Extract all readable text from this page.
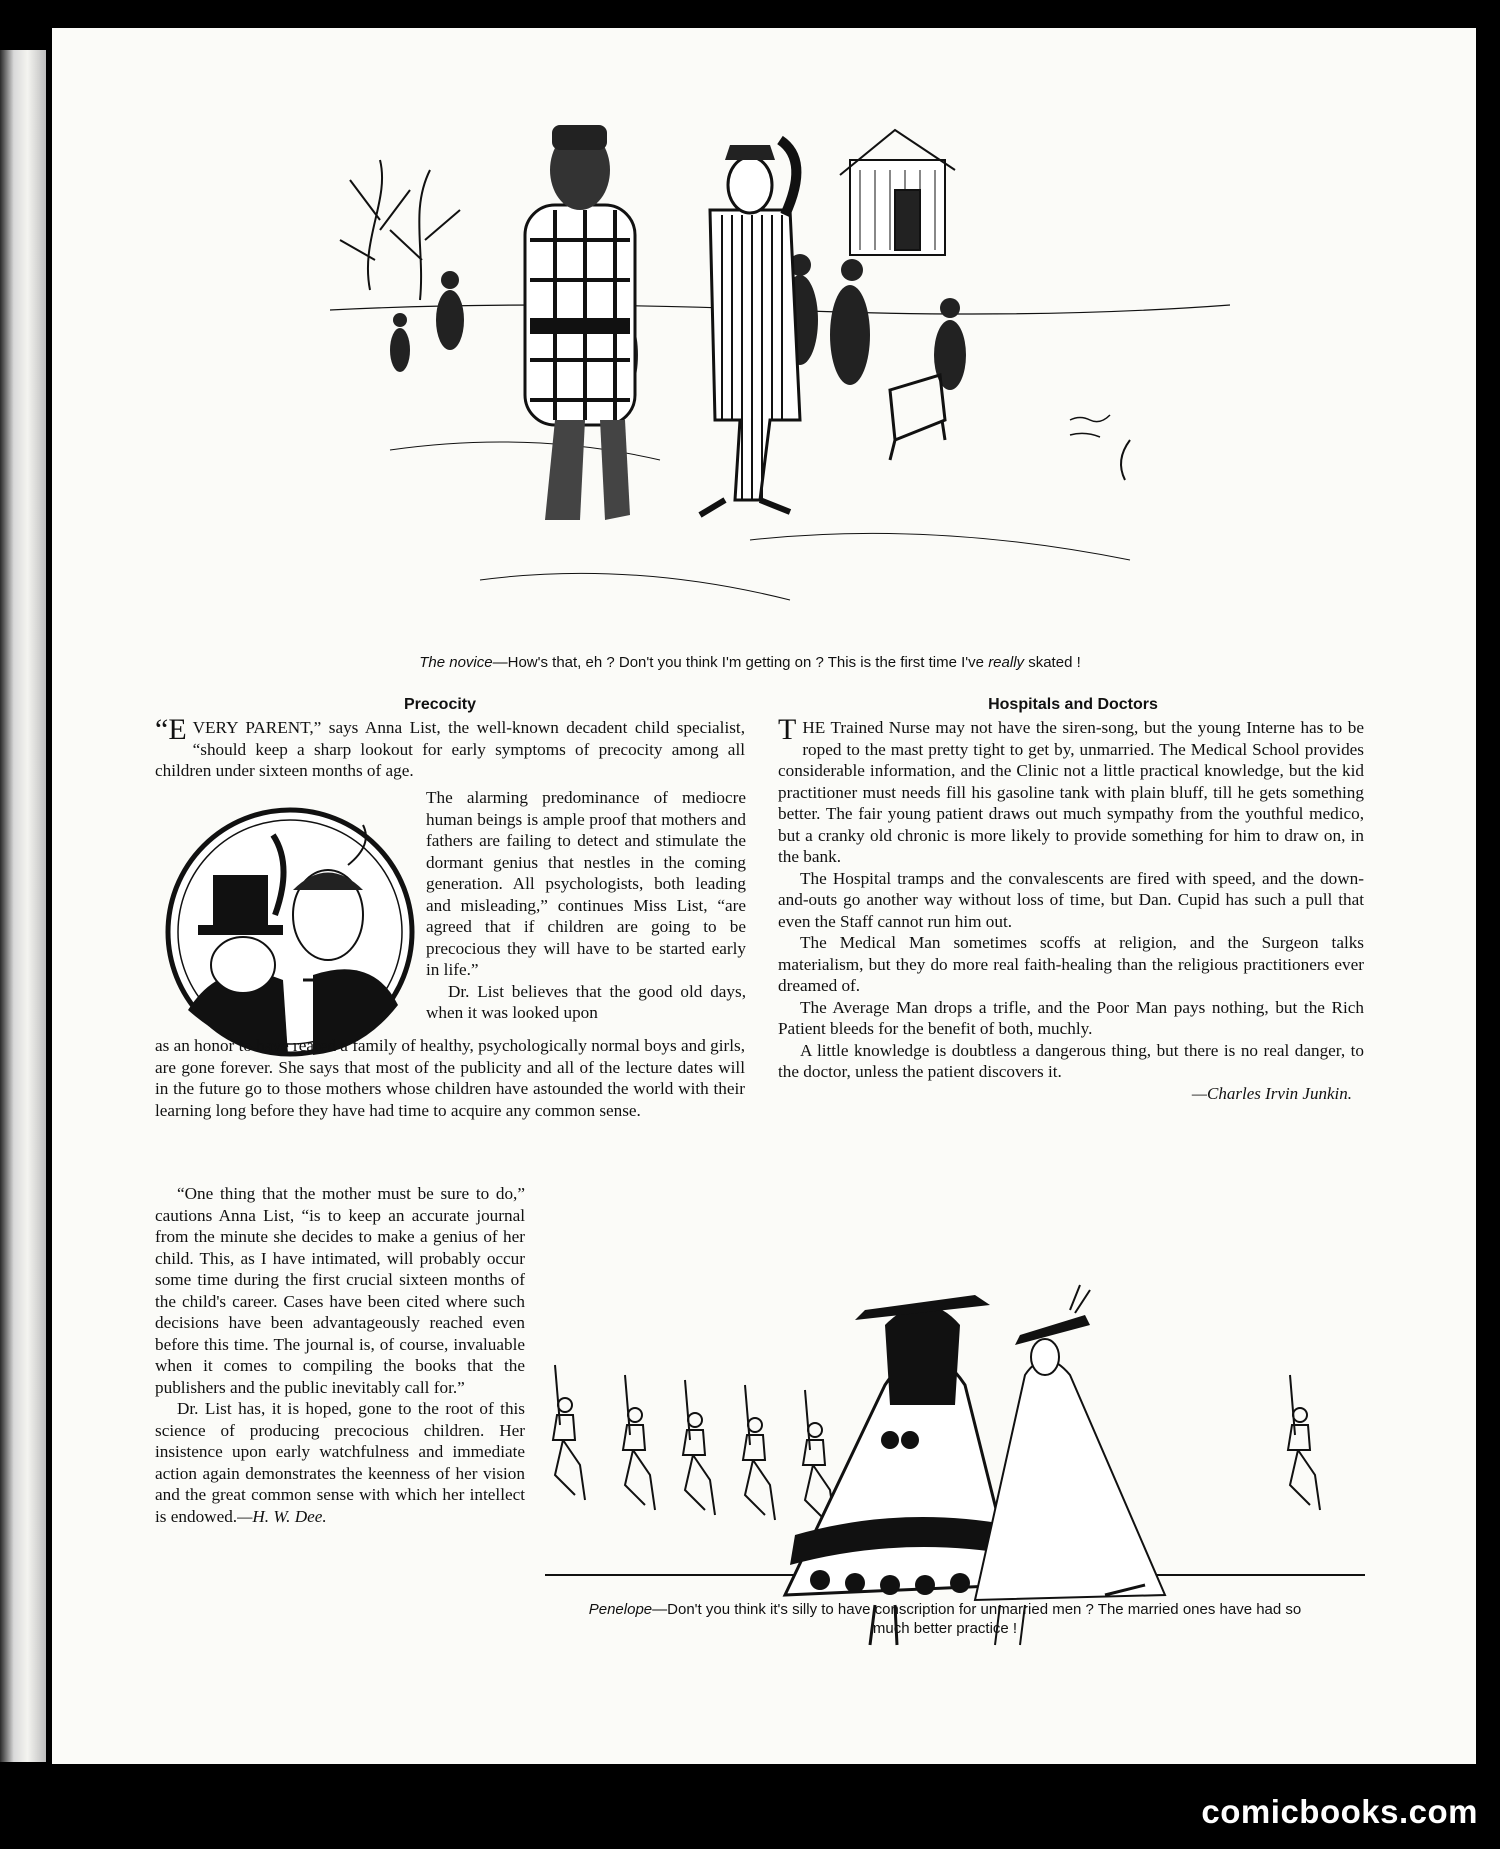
The novice—How's that, eh ? Don't you think I'm getting on ? This is the first time I've really skated !
Precocity

“EVERY PARENT,” says Anna List, the well-known decadent child specialist, “should keep a sharp lookout for early symptoms of precocity among all children under sixteen months of age.

The alarming predominance of mediocre human beings is ample proof that mothers and fathers are failing to detect and stimulate the dormant genius that nestles in the coming generation. All psychologists, both leading and misleading,” continues Miss List, “are agreed that if children are going to be precocious they will have to be started early in life.”

Dr. List believes that the good old days, when it was looked upon

as an honor to have reared a family of healthy, psychologically normal boys and girls, are gone forever. She says that most of the publicity and all of the lecture dates will in the future go to those mothers whose children have astounded the world with their learning long before they have had time to acquire any common sense.

“One thing that the mother must be sure to do,” cautions Anna List, “is to keep an accurate journal from the minute she decides to make a genius of her child. This, as I have intimated, will probably occur some time during the first crucial sixteen months of the child's career. Cases have been cited where such decisions have been advantageously reached even before this time. The journal is, of course, invaluable when it comes to compiling the books that the publishers and the public inevitably call for.”

Dr. List has, it is hoped, gone to the root of this science of producing precocious children. Her insistence upon early watchfulness and immediate action again demonstrates the keenness of her vision and the great common sense with which her intellect is endowed.—H. W. Dee.

Hospitals and Doctors

THE Trained Nurse may not have the siren-song, but the young Interne has to be roped to the mast pretty tight to get by, unmarried. The Medical School provides considerable information, and the Clinic not a little practical knowledge, but the kid practitioner must needs fill his gasoline tank with plain bluff, till he gets something better. The fair young patient draws out much sympathy from the youthful medico, but a cranky old chronic is more likely to provide something for him to draw on, in the bank.

The Hospital tramps and the convalescents are fired with speed, and the down-and-outs go another way without loss of time, but Dan. Cupid has such a pull that even the Staff cannot run him out.

The Medical Man sometimes scoffs at religion, and the Surgeon talks materialism, but they do more real faith-healing than the religious practitioners ever dreamed of.

The Average Man drops a trifle, and the Poor Man pays nothing, but the Rich Patient bleeds for the benefit of both, muchly.

A little knowledge is doubtless a dangerous thing, but there is no real danger, to the doctor, unless the patient discovers it.

—Charles Irvin Junkin.

Penelope—Don't you think it's silly to have conscription for unmarried men ? The married ones have had so much better practice !
comicbooks.com
